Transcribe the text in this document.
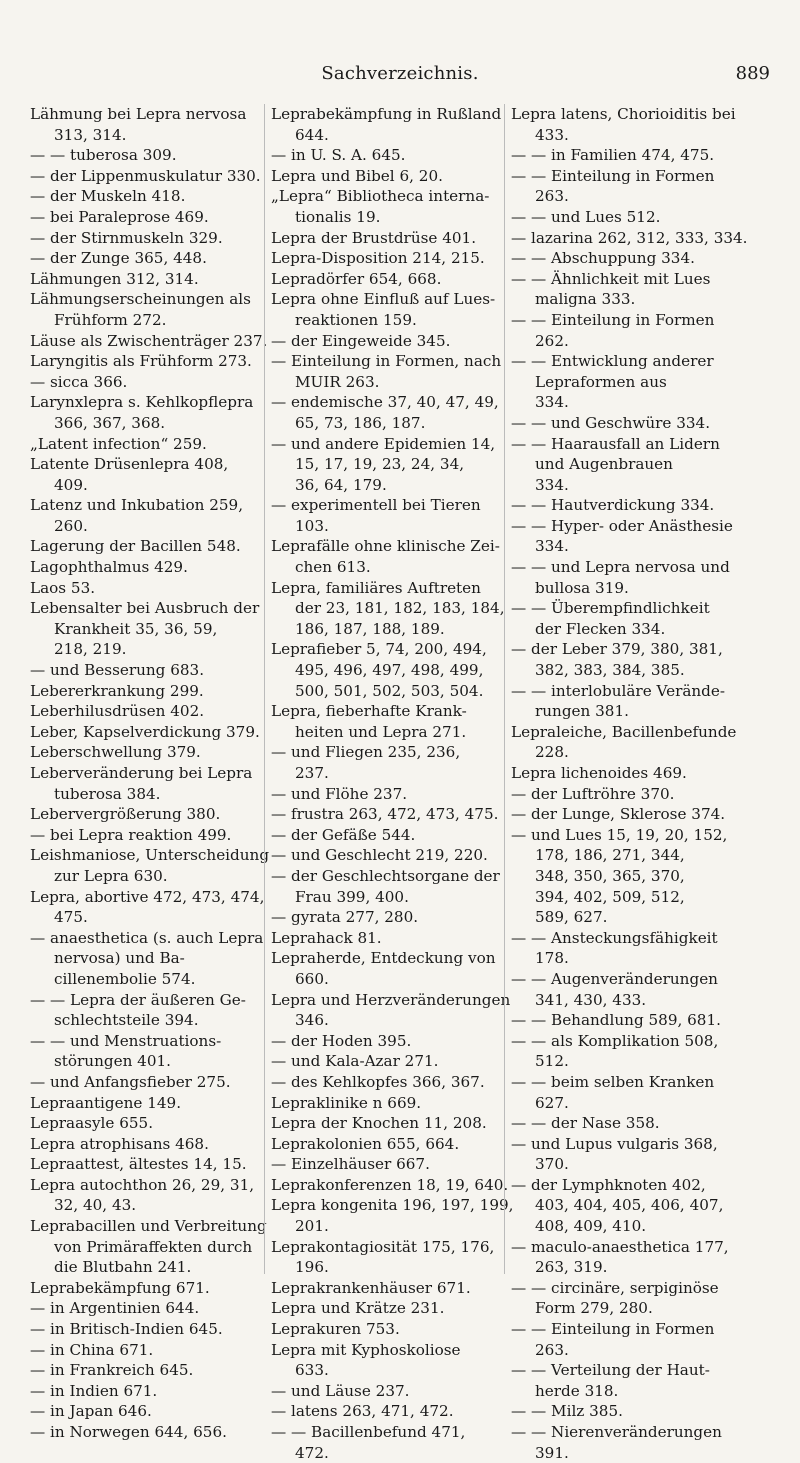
Sachverzeichnis.	889
Lähmung bei Lepra nervosa
313, 314.
— — tuberosa 309.
— der Lippenmuskulatur 330.
— der Muskeln 418.
— bei Paraleprose 469.
— der Stirnmuskeln 329.
— der Zunge 365, 448.
Lähmungen 312, 314.
Lähmungserscheinungen als
Frühform 272.
Läuse als Zwischenträger 237.
Laryngitis als Frühform 273.
— sicca 366.
Larynxlepra s. Kehlkopflepra
366, 367, 368.
„Latent infection“ 259.
Latente Drüsenlepra 408,
409.
Latenz und Inkubation 259,
260.
Lagerung der Bacillen 548.
Lagophthalmus 429.
Laos 53.
Lebensalter bei Ausbruch der
Krankheit 35, 36, 59,
218, 219.
— und Besserung 683.
Lebererkrankung 299.
Leberhilusdrüsen 402.
Leber, Kapselverdickung 379.
Leberschwellung 379.
Leberveränderung bei Lepra
tuberosa 384.
Lebervergrößerung 380.
— bei Lepra reaktion 499.
Leishmaniose, Unterscheidung
zur Lepra 630.
Lepra, abortive 472, 473, 474,
475.
— anaesthetica (s. auch Lepra
nervosa) und Ba-
cillenembolie 574.
— — Lepra der äußeren Ge-
schlechtsteile 394.
— — und Menstruations-
störungen 401.
— und Anfangsfieber 275.
Lepraantigene 149.
Lepraasyle 655.
Lepra atrophisans 468.
Lepraattest, ältestes 14, 15.
Lepra autochthon 26, 29, 31,
32, 40, 43.
Leprabacillen und Verbreitung
von Primäraffekten durch
die Blutbahn 241.
Leprabekämpfung 671.
— in Argentinien 644.
— in Britisch-Indien 645.
— in China 671.
— in Frankreich 645.
— in Indien 671.
— in Japan 646.
— in Norwegen 644, 656.
Leprabekämpfung in Rußland
644.
— in U. S. A. 645.
Lepra und Bibel 6, 20.
„Lepra“ Bibliotheca interna-
tionalis 19.
Lepra der Brustdrüse 401.
Lepra-Disposition 214, 215.
Lepradörfer 654, 668.
Lepra ohne Einfluß auf Lues-
reaktionen 159.
— der Eingeweide 345.
— Einteilung in Formen, nach
MUIR 263.
— endemische 37, 40, 47, 49,
65, 73, 186, 187.
— und andere Epidemien 14,
15, 17, 19, 23, 24, 34,
36, 64, 179.
— experimentell bei Tieren
103.
Leprafälle ohne klinische Zei-
chen 613.
Lepra, familiäres Auftreten
der 23, 181, 182, 183, 184,
186, 187, 188, 189.
Leprafieber 5, 74, 200, 494,
495, 496, 497, 498, 499,
500, 501, 502, 503, 504.
Lepra, fieberhafte Krank-
heiten und Lepra 271.
— und Fliegen 235, 236,
237.
— und Flöhe 237.
— frustra 263, 472, 473, 475.
— der Gefäße 544.
— und Geschlecht 219, 220.
— der Geschlechtsorgane der
Frau 399, 400.
— gyrata 277, 280.
Leprahack 81.
Lepraherde, Entdeckung von
660.
Lepra und Herzveränderungen
346.
— der Hoden 395.
— und Kala-Azar 271.
— des Kehlkopfes 366, 367.
Lepraklinike n 669.
Lepra der Knochen 11, 208.
Leprakolonien 655, 664.
— Einzelhäuser 667.
Leprakonferenzen 18, 19, 640.
Lepra kongenita 196, 197, 199,
201.
Leprakontagiosität 175, 176,
196.
Leprakrankenhäuser 671.
Lepra und Krätze 231.
Leprakuren 753.
Lepra mit Kyphoskoliose
633.
— und Läuse 237.
— latens 263, 471, 472.
— — Bacillenbefund 471,
472.
Lepra latens, Chorioiditis bei
433.
— — in Familien 474, 475.
— — Einteilung in Formen
263.
— — und Lues 512.
— lazarina 262, 312, 333, 334.
— — Abschuppung 334.
— — Ähnlichkeit mit Lues
maligna 333.
— — Einteilung in Formen
262.
— — Entwicklung anderer
Lepraformen aus
334.
— — und Geschwüre 334.
— — Haarausfall an Lidern
und Augenbrauen
334.
— — Hautverdickung 334.
— — Hyper- oder Anästhesie
334.
— — und Lepra nervosa und
bullosa 319.
— — Überempfindlichkeit
der Flecken 334.
— der Leber 379, 380, 381,
382, 383, 384, 385.
— — interlobuläre Verände-
rungen 381.
Lepraleiche, Bacillenbefunde
228.
Lepra lichenoides 469.
— der Luftröhre 370.
— der Lunge, Sklerose 374.
— und Lues 15, 19, 20, 152,
178, 186, 271, 344,
348, 350, 365, 370,
394, 402, 509, 512,
589, 627.
— — Ansteckungsfähigkeit
178.
— — Augenveränderungen
341, 430, 433.
— — Behandlung 589, 681.
— — als Komplikation 508,
512.
— — beim selben Kranken
627.
— — der Nase 358.
— und Lupus vulgaris 368,
370.
— der Lymphknoten 402,
403, 404, 405, 406, 407,
408, 409, 410.
— maculo-anaesthetica 177,
263, 319.
— — circinäre, serpiginöse
Form 279, 280.
— — Einteilung in Formen
263.
— — Verteilung der Haut-
herde 318.
— — Milz 385.
— — Nierenveränderungen
391.
